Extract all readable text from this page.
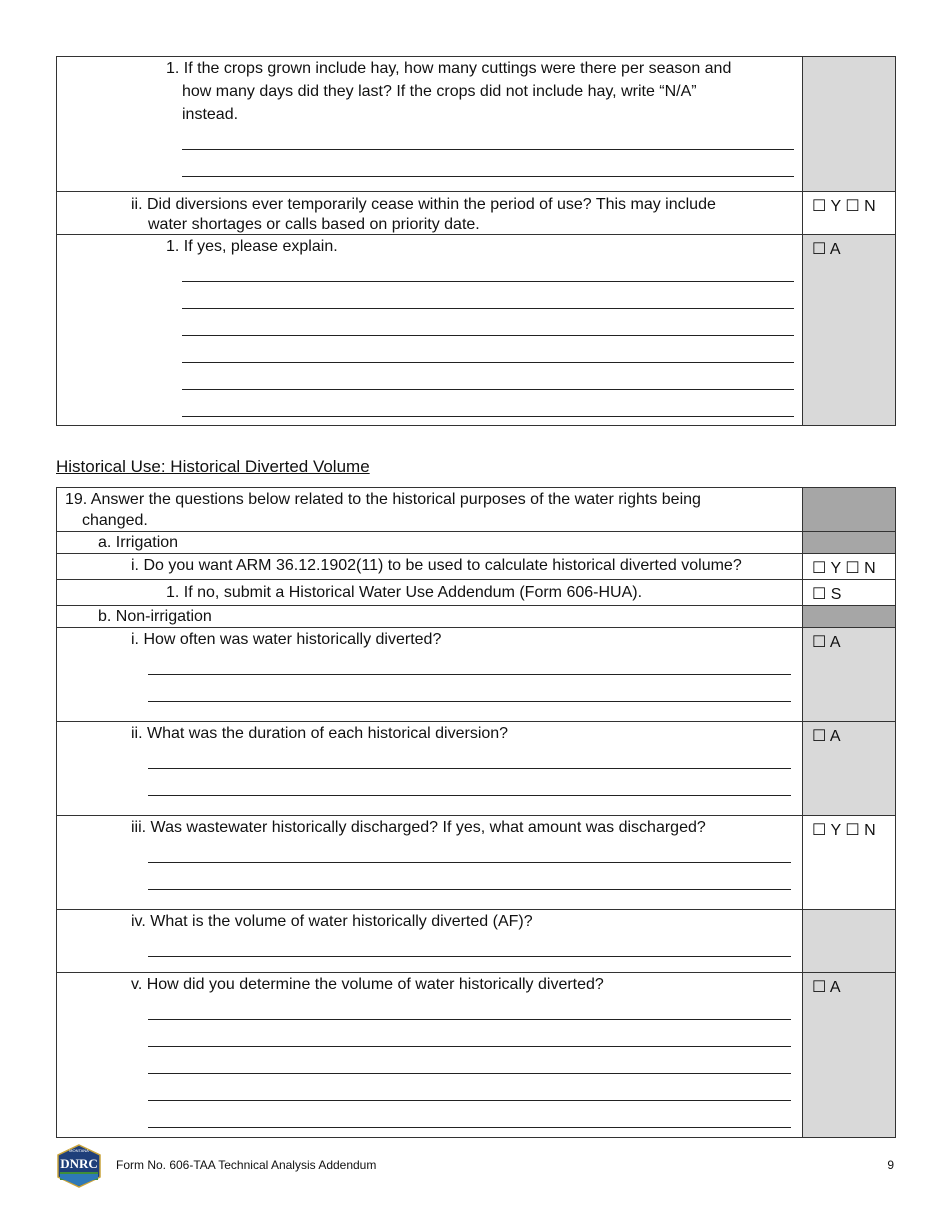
1. If the crops grown include hay, how many cuttings were there per season and
how many days did they last? If the crops did not include hay, write “N/A”
instead.	

ii. Did diversions ever temporarily cease within the period of use? This may include
water shortages or calls based on priority date.	☐ Y ☐ N

1. If yes, please explain.	☐ A
Historical Use: Historical Diverted Volume
19. Answer the questions below related to the historical purposes of the water rights being
changed.	

a. Irrigation	

i. Do you want ARM 36.12.1902(11) to be used to calculate historical diverted volume?	☐ Y ☐ N

1. If no, submit a Historical Water Use Addendum (Form 606-HUA).	☐ S

b. Non-irrigation	

i. How often was water historically diverted?	☐ A

ii. What was the duration of each historical diversion?	☐ A

iii. Was wastewater historically discharged? If yes, what amount was discharged?	☐ Y ☐ N

iv. What is the volume of water historically diverted (AF)?	

v. How did you determine the volume of water historically diverted?	☐ A
MONTANA
DNRC Form No. 606-TAA Technical Analysis Addendum	9
